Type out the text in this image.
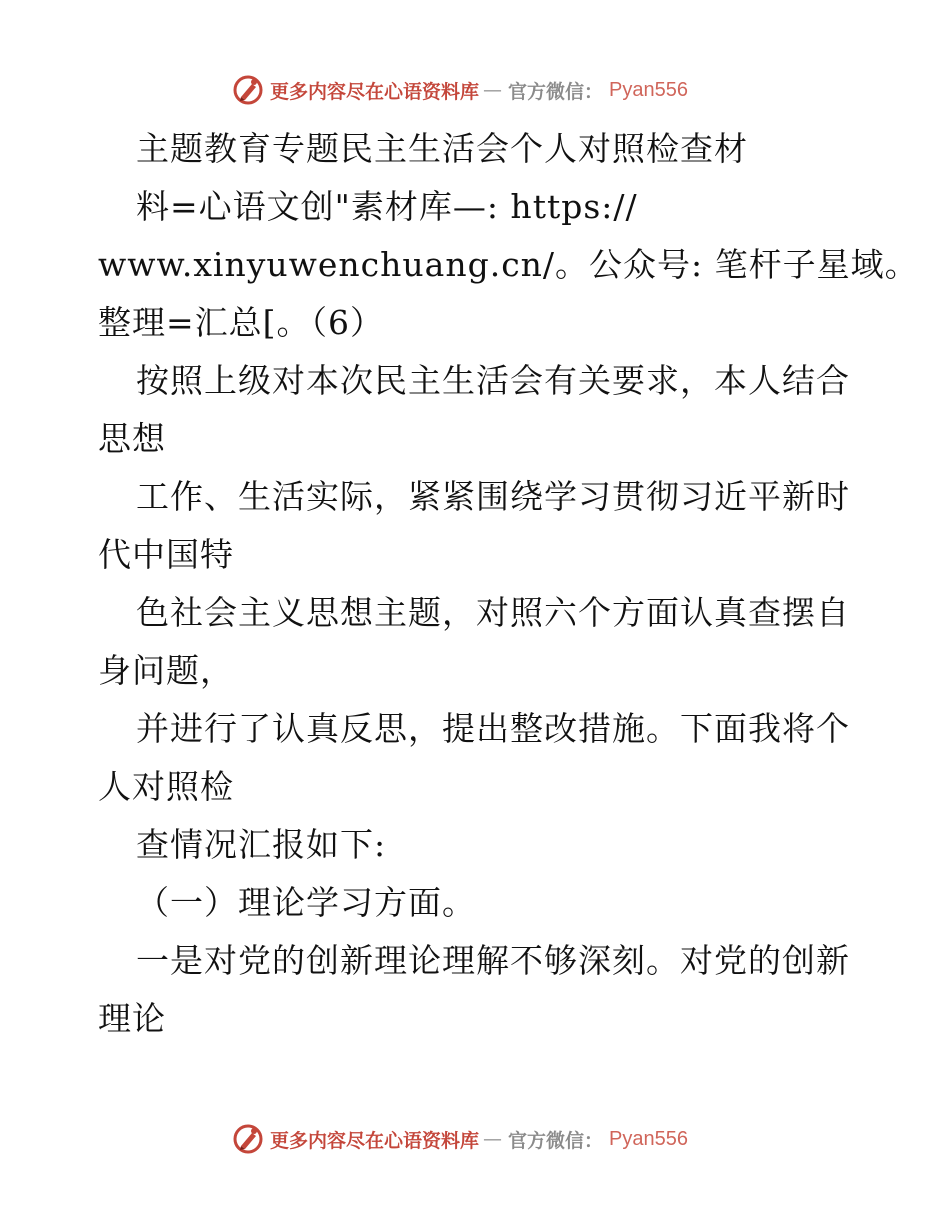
更多内容尽在心语资料库 — 官方微信： Pyan556
主题教育专题民主生活会个人对照检查材
料=心语文创"素材库—: https://
www.xinyuwenchuang.cn/。公众号: 笔杆子星域。
整理=汇总[。（6）
按照上级对本次民主生活会有关要求，本人结合
思想
工作、生活实际，紧紧围绕学习贯彻习近平新时
代中国特
色社会主义思想主题，对照六个方面认真查摆自
身问题，
并进行了认真反思，提出整改措施。下面我将个
人对照检
查情况汇报如下:
（一）理论学习方面。
一是对党的创新理论理解不够深刻。对党的创新
理论
更多内容尽在心语资料库 — 官方微信： Pyan556
